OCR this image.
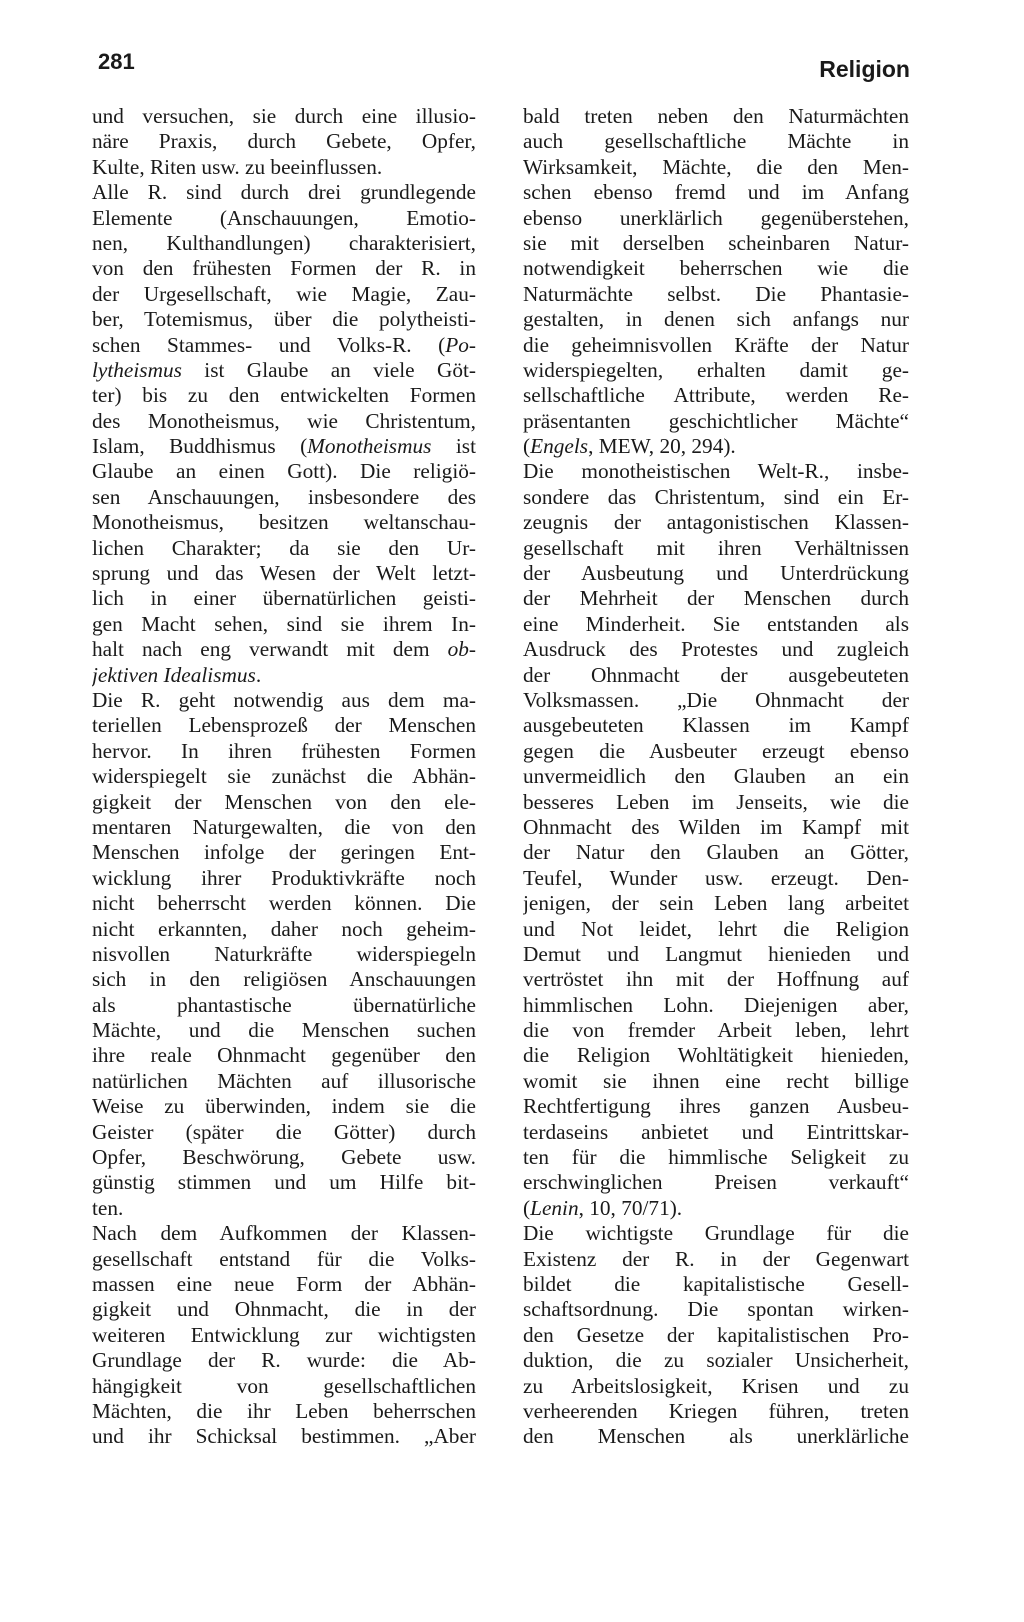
281	Religion
und versuchen, sie durch eine illusio-
näre Praxis, durch Gebete, Opfer,
Kulte, Riten usw. zu beeinflussen.
Alle R. sind durch drei grundlegende
Elemente (Anschauungen, Emotio-
nen, Kulthandlungen) charakterisiert,
von den frühesten Formen der R. in
der Urgesellschaft, wie Magie, Zau-
ber, Totemismus, über die polytheisti-
schen Stammes- und Volks-R. (Po-
lytheismus ist Glaube an viele Göt-
ter) bis zu den entwickelten Formen
des Monotheismus, wie Christentum,
Islam, Buddhismus (Monotheismus ist
Glaube an einen Gott). Die religiö-
sen Anschauungen, insbesondere des
Monotheismus, besitzen weltanschau-
lichen Charakter; da sie den Ur-
sprung und das Wesen der Welt letzt-
lich in einer übernatürlichen geisti-
gen Macht sehen, sind sie ihrem In-
halt nach eng verwandt mit dem ob-
jektiven Idealismus.
Die R. geht notwendig aus dem ma-
teriellen Lebensprozeß der Menschen
hervor. In ihren frühesten Formen
widerspiegelt sie zunächst die Abhän-
gigkeit der Menschen von den ele-
mentaren Naturgewalten, die von den
Menschen infolge der geringen Ent-
wicklung ihrer Produktivkräfte noch
nicht beherrscht werden können. Die
nicht erkannten, daher noch geheim-
nisvollen Naturkräfte widerspiegeln
sich in den religiösen Anschauungen
als phantastische übernatürliche
Mächte, und die Menschen suchen
ihre reale Ohnmacht gegenüber den
natürlichen Mächten auf illusorische
Weise zu überwinden, indem sie die
Geister (später die Götter) durch
Opfer, Beschwörung, Gebete usw.
günstig stimmen und um Hilfe bit-
ten.
Nach dem Aufkommen der Klassen-
gesellschaft entstand für die Volks-
massen eine neue Form der Abhän-
gigkeit und Ohnmacht, die in der
weiteren Entwicklung zur wichtigsten
Grundlage der R. wurde: die Ab-
hängigkeit von gesellschaftlichen
Mächten, die ihr Leben beherrschen
und ihr Schicksal bestimmen. „Aber
bald treten neben den Naturmächten
auch gesellschaftliche Mächte in
Wirksamkeit, Mächte, die den Men-
schen ebenso fremd und im Anfang
ebenso unerklärlich gegenüberstehen,
sie mit derselben scheinbaren Natur-
notwendigkeit beherrschen wie die
Naturmächte selbst. Die Phantasie-
gestalten, in denen sich anfangs nur
die geheimnisvollen Kräfte der Natur
widerspiegelten, erhalten damit ge-
sellschaftliche Attribute, werden Re-
präsentanten geschichtlicher Mächte“
(Engels, MEW, 20, 294).
Die monotheistischen Welt-R., insbe-
sondere das Christentum, sind ein Er-
zeugnis der antagonistischen Klassen-
gesellschaft mit ihren Verhältnissen
der Ausbeutung und Unterdrückung
der Mehrheit der Menschen durch
eine Minderheit. Sie entstanden als
Ausdruck des Protestes und zugleich
der Ohnmacht der ausgebeuteten
Volksmassen. „Die Ohnmacht der
ausgebeuteten Klassen im Kampf
gegen die Ausbeuter erzeugt ebenso
unvermeidlich den Glauben an ein
besseres Leben im Jenseits, wie die
Ohnmacht des Wilden im Kampf mit
der Natur den Glauben an Götter,
Teufel, Wunder usw. erzeugt. Den-
jenigen, der sein Leben lang arbeitet
und Not leidet, lehrt die Religion
Demut und Langmut hienieden und
vertröstet ihn mit der Hoffnung auf
himmlischen Lohn. Diejenigen aber,
die von fremder Arbeit leben, lehrt
die Religion Wohltätigkeit hienieden,
womit sie ihnen eine recht billige
Rechtfertigung ihres ganzen Ausbeu-
terdaseins anbietet und Eintrittskar-
ten für die himmlische Seligkeit zu
erschwinglichen Preisen verkauft“
(Lenin, 10, 70/71).
Die wichtigste Grundlage für die
Existenz der R. in der Gegenwart
bildet die kapitalistische Gesell-
schaftsordnung. Die spontan wirken-
den Gesetze der kapitalistischen Pro-
duktion, die zu sozialer Unsicherheit,
zu Arbeitslosigkeit, Krisen und zu
verheerenden Kriegen führen, treten
den Menschen als unerklärliche
